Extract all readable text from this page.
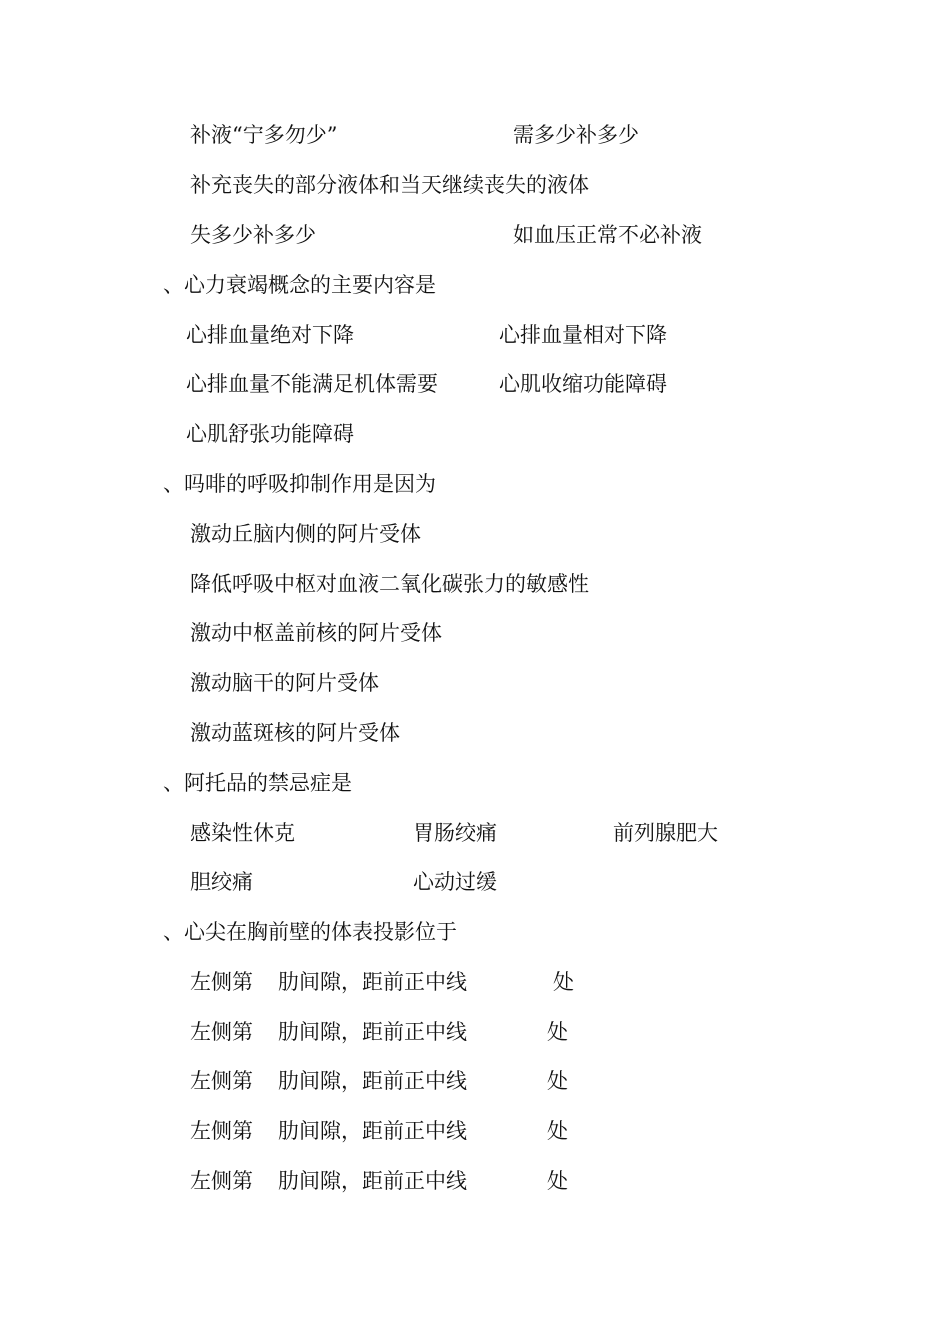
补液“宁多勿少”	需多少补多少
补充丧失的部分液体和当天继续丧失的液体
失多少补多少	如血压正常不必补液
、心力衰竭概念的主要内容是
心排血量绝对下降	心排血量相对下降
心排血量不能满足机体需要	心肌收缩功能障碍
心肌舒张功能障碍
、吗啡的呼吸抑制作用是因为
激动丘脑内侧的阿片受体
降低呼吸中枢对血液二氧化碳张力的敏感性
激动中枢盖前核的阿片受体
激动脑干的阿片受体
激动蓝斑核的阿片受体
、阿托品的禁忌症是
感染性休克	胃肠绞痛	前列腺肥大
胆绞痛	心动过缓
、心尖在胸前壁的体表投影位于
左侧第 肋间隙，距前正中线	处
左侧第 肋间隙，距前正中线	处
左侧第 肋间隙，距前正中线	处
左侧第 肋间隙，距前正中线	处
左侧第 肋间隙，距前正中线	处
